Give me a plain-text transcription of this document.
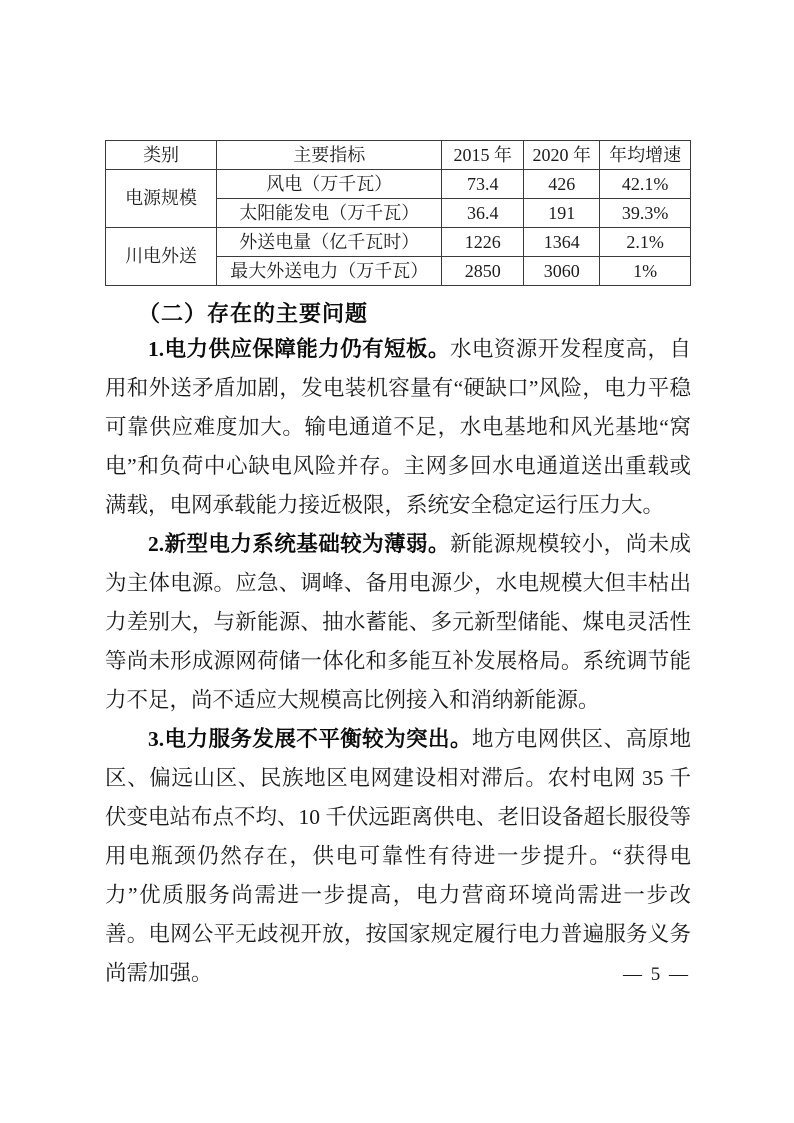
类别	主要指标	2015 年	2020 年	年均增速
电源规模	风电（万千瓦）	73.4	426	42.1%
	太阳能发电（万千瓦）	36.4	191	39.3%
川电外送	外送电量（亿千瓦时）	1226	1364	2.1%
	最大外送电力（万千瓦）	2850	3060	1%
（二）存在的主要问题

1.电力供应保障能力仍有短板。水电资源开发程度高，自用和外送矛盾加剧，发电装机容量有“硬缺口”风险，电力平稳可靠供应难度加大。输电通道不足，水电基地和风光基地“窝电”和负荷中心缺电风险并存。主网多回水电通道送出重载或满载，电网承载能力接近极限，系统安全稳定运行压力大。

2.新型电力系统基础较为薄弱。新能源规模较小，尚未成为主体电源。应急、调峰、备用电源少，水电规模大但丰枯出力差别大，与新能源、抽水蓄能、多元新型储能、煤电灵活性等尚未形成源网荷储一体化和多能互补发展格局。系统调节能力不足，尚不适应大规模高比例接入和消纳新能源。

3.电力服务发展不平衡较为突出。地方电网供区、高原地区、偏远山区、民族地区电网建设相对滞后。农村电网 35 千伏变电站布点不均、10 千伏远距离供电、老旧设备超长服役等用电瓶颈仍然存在，供电可靠性有待进一步提升。“获得电力”优质服务尚需进一步提高，电力营商环境尚需进一步改善。电网公平无歧视开放，按国家规定履行电力普遍服务义务尚需加强。	— 5 —
